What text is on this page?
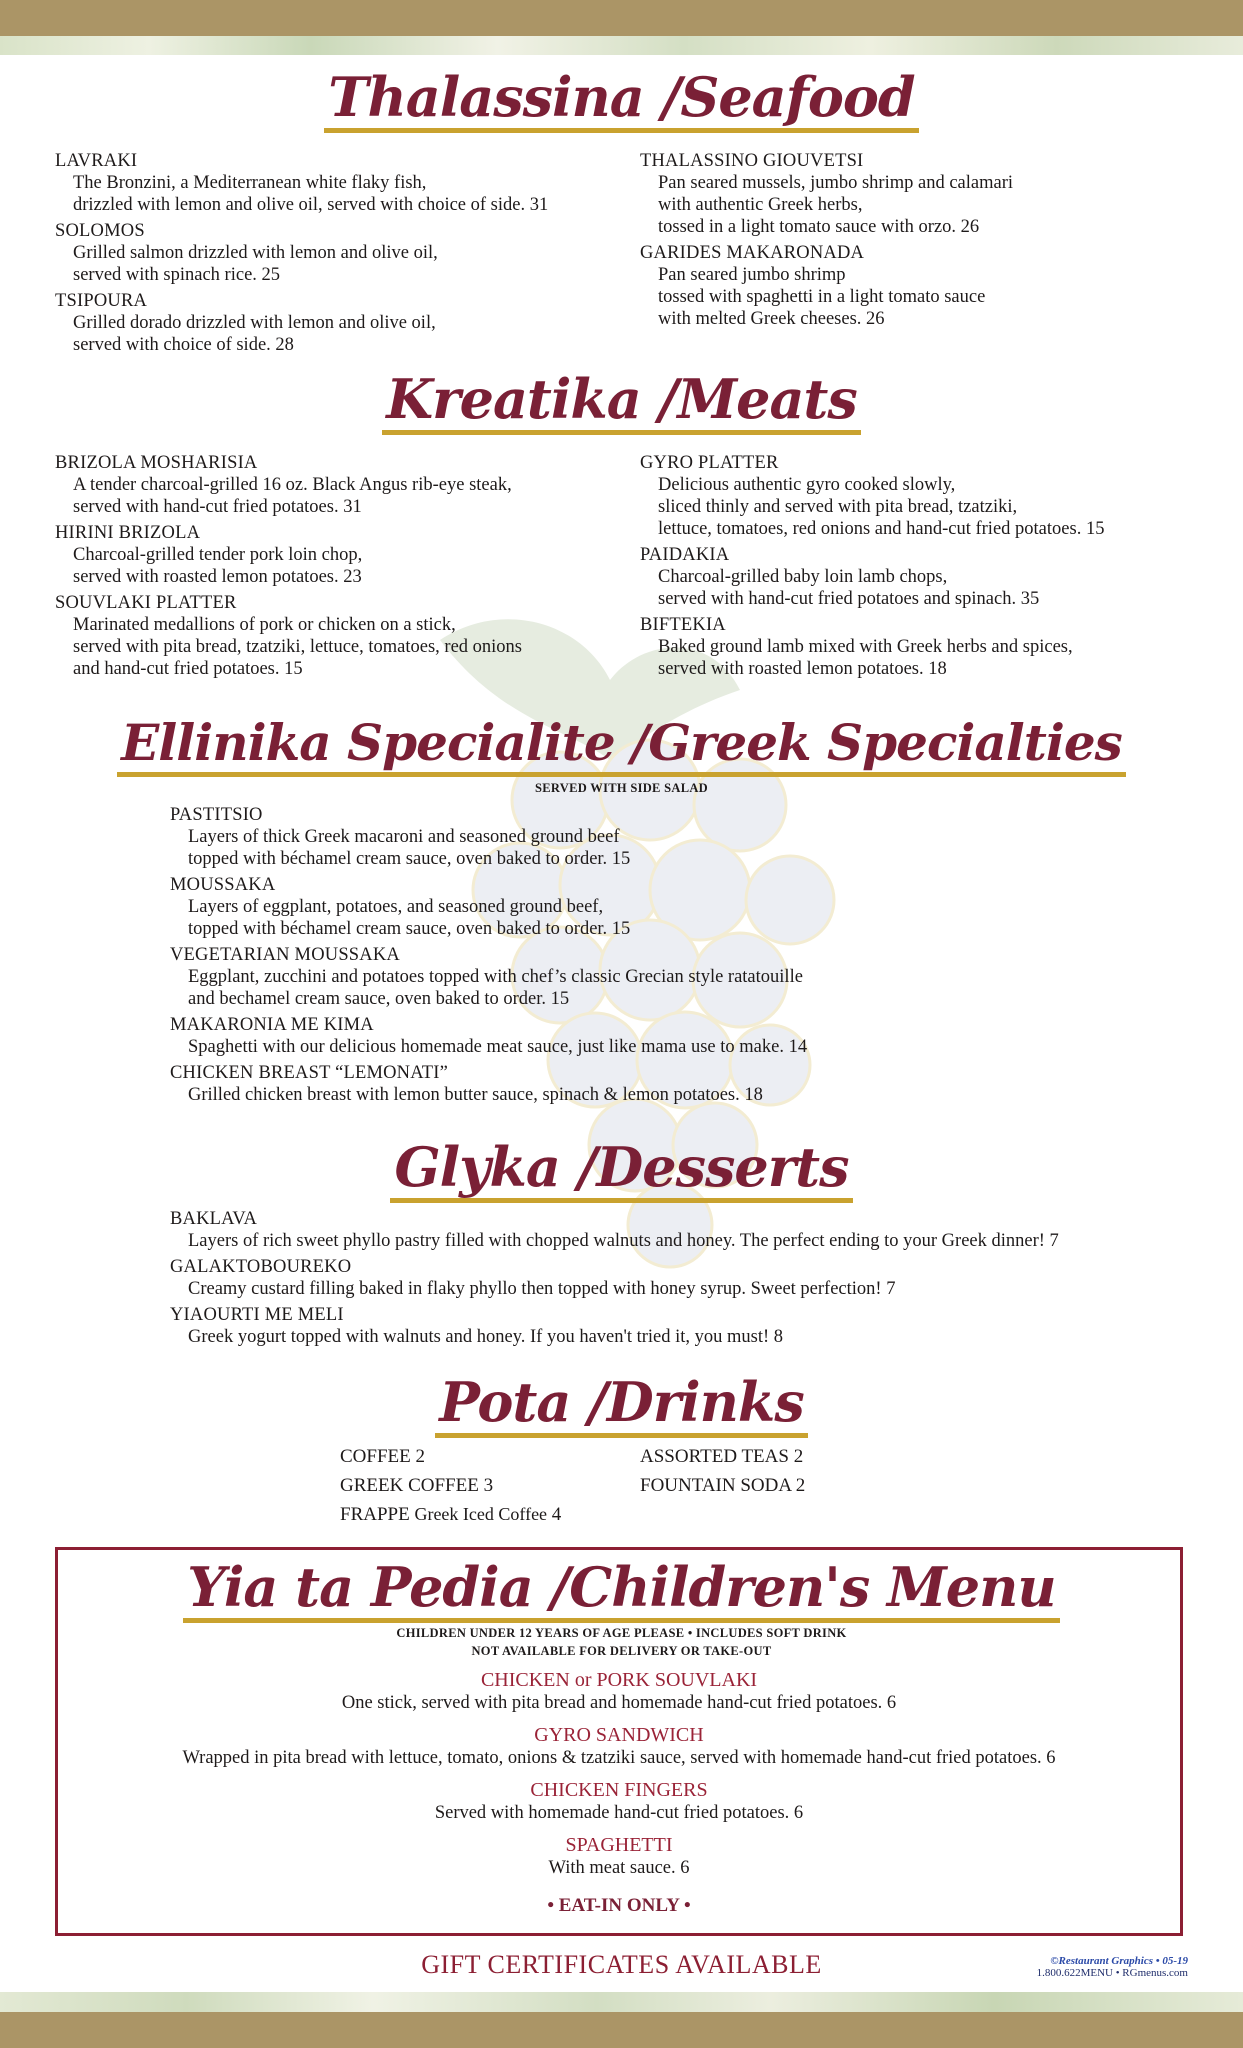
Thalassina /Seafood
LAVRAKI
The Bronzini, a Mediterranean white flaky fish,
drizzled with lemon and olive oil, served with choice of side. 31
SOLOMOS
Grilled salmon drizzled with lemon and olive oil,
served with spinach rice. 25
TSIPOURA
Grilled dorado drizzled with lemon and olive oil,
served with choice of side. 28
THALASSINO GIOUVETSI
Pan seared mussels, jumbo shrimp and calamari
with authentic Greek herbs,
tossed in a light tomato sauce with orzo. 26
GARIDES MAKARONADA
Pan seared jumbo shrimp
tossed with spaghetti in a light tomato sauce
with melted Greek cheeses. 26
Kreatika /Meats
BRIZOLA MOSHARISIA
A tender charcoal-grilled 16 oz. Black Angus rib-eye steak,
served with hand-cut fried potatoes. 31
HIRINI BRIZOLA
Charcoal-grilled tender pork loin chop,
served with roasted lemon potatoes. 23
SOUVLAKI PLATTER
Marinated medallions of pork or chicken on a stick,
served with pita bread, tzatziki, lettuce, tomatoes, red onions
and hand-cut fried potatoes. 15
GYRO PLATTER
Delicious authentic gyro cooked slowly,
sliced thinly and served with pita bread, tzatziki,
lettuce, tomatoes, red onions and hand-cut fried potatoes. 15
PAIDAKIA
Charcoal-grilled baby loin lamb chops,
served with hand-cut fried potatoes and spinach. 35
BIFTEKIA
Baked ground lamb mixed with Greek herbs and spices,
served with roasted lemon potatoes. 18
Ellinika Specialite /Greek Specialties
SERVED WITH SIDE SALAD
PASTITSIO
Layers of thick Greek macaroni and seasoned ground beef
topped with béchamel cream sauce, oven baked to order. 15
MOUSSAKA
Layers of eggplant, potatoes, and seasoned ground beef,
topped with béchamel cream sauce, oven baked to order. 15
VEGETARIAN MOUSSAKA
Eggplant, zucchini and potatoes topped with chef’s classic Grecian style ratatouille
and bechamel cream sauce, oven baked to order. 15
MAKARONIA ME KIMA
Spaghetti with our delicious homemade meat sauce, just like mama use to make. 14
CHICKEN BREAST “LEMONATI”
Grilled chicken breast with lemon butter sauce, spinach & lemon potatoes. 18
Glyka /Desserts
BAKLAVA
Layers of rich sweet phyllo pastry filled with chopped walnuts and honey. The perfect ending to your Greek dinner! 7
GALAKTOBOUREKO
Creamy custard filling baked in flaky phyllo then topped with honey syrup. Sweet perfection! 7
YIAOURTI ME MELI
Greek yogurt topped with walnuts and honey. If you haven't tried it, you must! 8
Pota /Drinks
COFFEE 2
GREEK COFFEE 3
FRAPPE Greek Iced Coffee 4
ASSORTED TEAS 2
FOUNTAIN SODA 2
Yia ta Pedia /Children's Menu
CHILDREN UNDER 12 YEARS OF AGE PLEASE • INCLUDES SOFT DRINK
NOT AVAILABLE FOR DELIVERY OR TAKE-OUT
CHICKEN or PORK SOUVLAKI
One stick, served with pita bread and homemade hand-cut fried potatoes. 6
GYRO SANDWICH
Wrapped in pita bread with lettuce, tomato, onions & tzatziki sauce, served with homemade hand-cut fried potatoes. 6
CHICKEN FINGERS
Served with homemade hand-cut fried potatoes. 6
SPAGHETTI
With meat sauce. 6
• EAT-IN ONLY •
GIFT CERTIFICATES AVAILABLE	©Restaurant Graphics • 05-19
1.800.622MENU • RGmenus.com
